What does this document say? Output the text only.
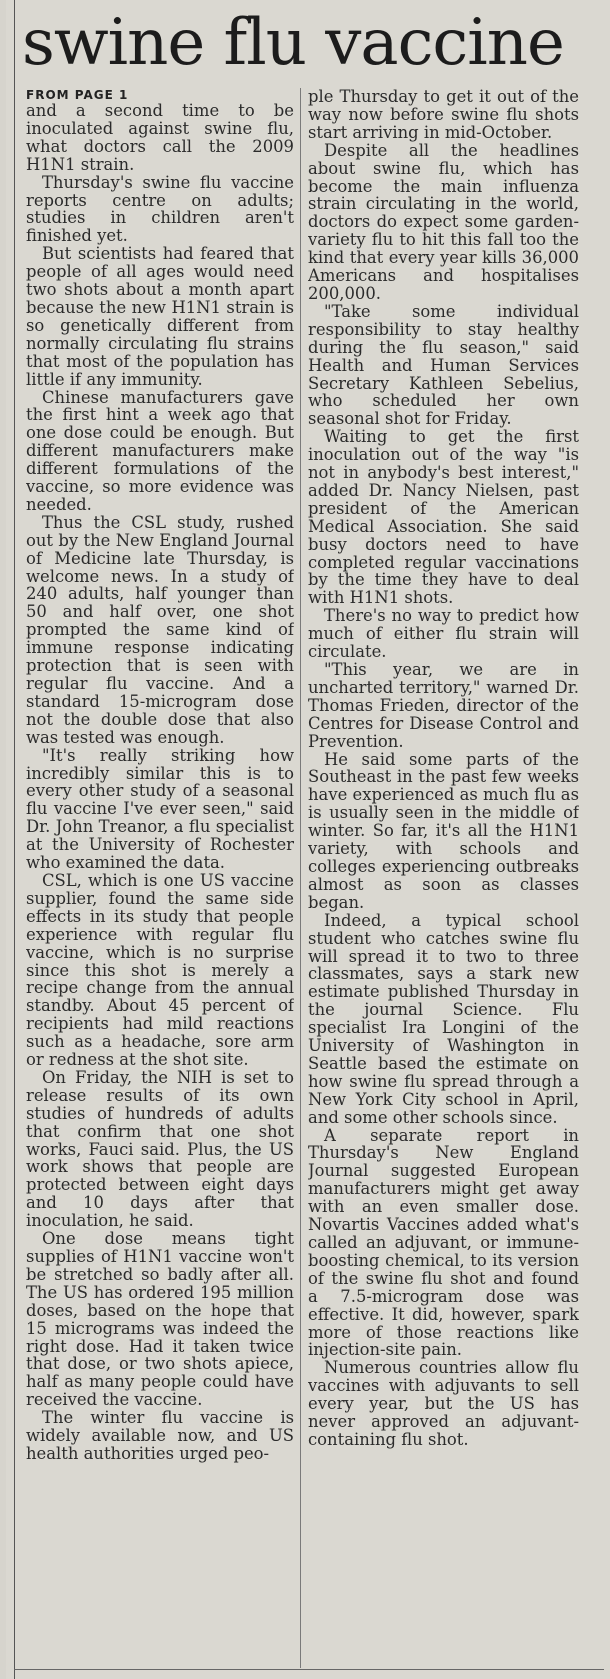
swine flu vaccine
FROM PAGE 1

and a second time to be inoculated against swine flu, what doctors call the 2009 H1N1 strain.

Thursday's swine flu vaccine reports centre on adults; studies in children aren't finished yet.

But scientists had feared that people of all ages would need two shots about a month apart because the new H1N1 strain is so genetically different from normally circulating flu strains that most of the population has little if any immunity.

Chinese manufacturers gave the first hint a week ago that one dose could be enough. But different manufacturers make different formulations of the vaccine, so more evidence was needed.

Thus the CSL study, rushed out by the New England Journal of Medicine late Thursday, is welcome news. In a study of 240 adults, half younger than 50 and half over, one shot prompted the same kind of immune response indicating protection that is seen with regular flu vaccine. And a standard 15-microgram dose not the double dose that also was tested was enough.

"It's really striking how incredibly similar this is to every other study of a seasonal flu vaccine I've ever seen," said Dr. John Treanor, a flu specialist at the University of Rochester who examined the data.

CSL, which is one US vaccine supplier, found the same side effects in its study that people experience with regular flu vaccine, which is no surprise since this shot is merely a recipe change from the annual standby. About 45 percent of recipients had mild reactions such as a headache, sore arm or redness at the shot site.

On Friday, the NIH is set to release results of its own studies of hundreds of adults that confirm that one shot works, Fauci said. Plus, the US work shows that people are protected between eight days and 10 days after that inoculation, he said.

One dose means tight supplies of H1N1 vaccine won't be stretched so badly after all. The US has ordered 195 million doses, based on the hope that 15 micrograms was indeed the right dose. Had it taken twice that dose, or two shots apiece, half as many people could have received the vaccine.

The winter flu vaccine is widely available now, and US health authorities urged peo-

ple Thursday to get it out of the way now before swine flu shots start arriving in mid-October.

Despite all the headlines about swine flu, which has become the main influenza strain circulating in the world, doctors do expect some garden-variety flu to hit this fall too the kind that every year kills 36,000 Americans and hospitalises 200,000.

"Take some individual responsibility to stay healthy during the flu season," said Health and Human Services Secretary Kathleen Sebelius, who scheduled her own seasonal shot for Friday.

Waiting to get the first inoculation out of the way "is not in anybody's best interest," added Dr. Nancy Nielsen, past president of the American Medical Association. She said busy doctors need to have completed regular vaccinations by the time they have to deal with H1N1 shots.

There's no way to predict how much of either flu strain will circulate.

"This year, we are in uncharted territory," warned Dr. Thomas Frieden, director of the Centres for Disease Control and Prevention.

He said some parts of the Southeast in the past few weeks have experienced as much flu as is usually seen in the middle of winter. So far, it's all the H1N1 variety, with schools and colleges experiencing outbreaks almost as soon as classes began.

Indeed, a typical school student who catches swine flu will spread it to two to three classmates, says a stark new estimate published Thursday in the journal Science. Flu specialist Ira Longini of the University of Washington in Seattle based the estimate on how swine flu spread through a New York City school in April, and some other schools since.

A separate report in Thursday's New England Journal suggested European manufacturers might get away with an even smaller dose. Novartis Vaccines added what's called an adjuvant, or immune-boosting chemical, to its version of the swine flu shot and found a 7.5-microgram dose was effective. It did, however, spark more of those reactions like injection-site pain.

Numerous countries allow flu vaccines with adjuvants to sell every year, but the US has never approved an adjuvant-containing flu shot.
